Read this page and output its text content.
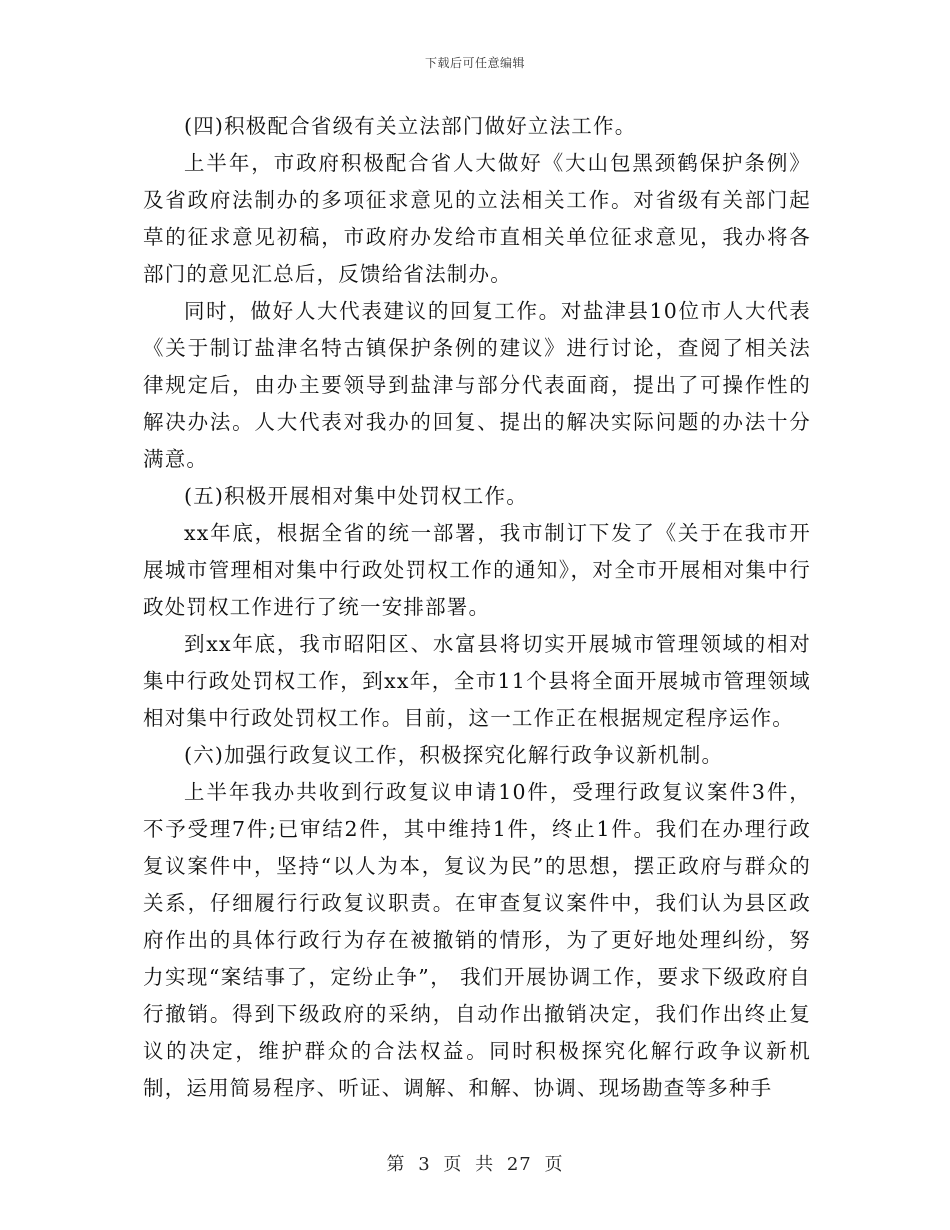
下载后可任意编辑

(四)积极配合省级有关立法部门做好立法工作。

上半年，市政府积极配合省人大做好《大山包黑颈鹤保护条例》及省政府法制办的多项征求意见的立法相关工作。对省级有关部门起草的征求意见初稿，市政府办发给市直相关单位征求意见，我办将各部门的意见汇总后，反馈给省法制办。

同时，做好人大代表建议的回复工作。对盐津县10位市人大代表《关于制订盐津名特古镇保护条例的建议》进行讨论，查阅了相关法律规定后，由办主要领导到盐津与部分代表面商，提出了可操作性的解决办法。人大代表对我办的回复、提出的解决实际问题的办法十分满意。

(五)积极开展相对集中处罚权工作。

xx年底，根据全省的统一部署，我市制订下发了《关于在我市开展城市管理相对集中行政处罚权工作的通知》，对全市开展相对集中行政处罚权工作进行了统一安排部署。

到xx年底，我市昭阳区、水富县将切实开展城市管理领域的相对集中行政处罚权工作，到xx年，全市11个县将全面开展城市管理领域相对集中行政处罚权工作。目前，这一工作正在根据规定程序运作。

(六)加强行政复议工作，积极探究化解行政争议新机制。

上半年我办共收到行政复议申请10件，受理行政复议案件3件，不予受理7件;已审结2件，其中维持1件，终止1件。我们在办理行政复议案件中，坚持“以人为本，复议为民”的思想，摆正政府与群众的关系，仔细履行行政复议职责。在审查复议案件中，我们认为县区政府作出的具体行政行为存在被撤销的情形，为了更好地处理纠纷，努力实现“案结事了，定纷止争”， 我们开展协调工作，要求下级政府自行撤销。得到下级政府的采纳，自动作出撤销决定，我们作出终止复议的决定，维护群众的合法权益。同时积极探究化解行政争议新机制，运用简易程序、听证、调解、和解、协调、现场勘查等多种手

第 3 页 共 27 页
